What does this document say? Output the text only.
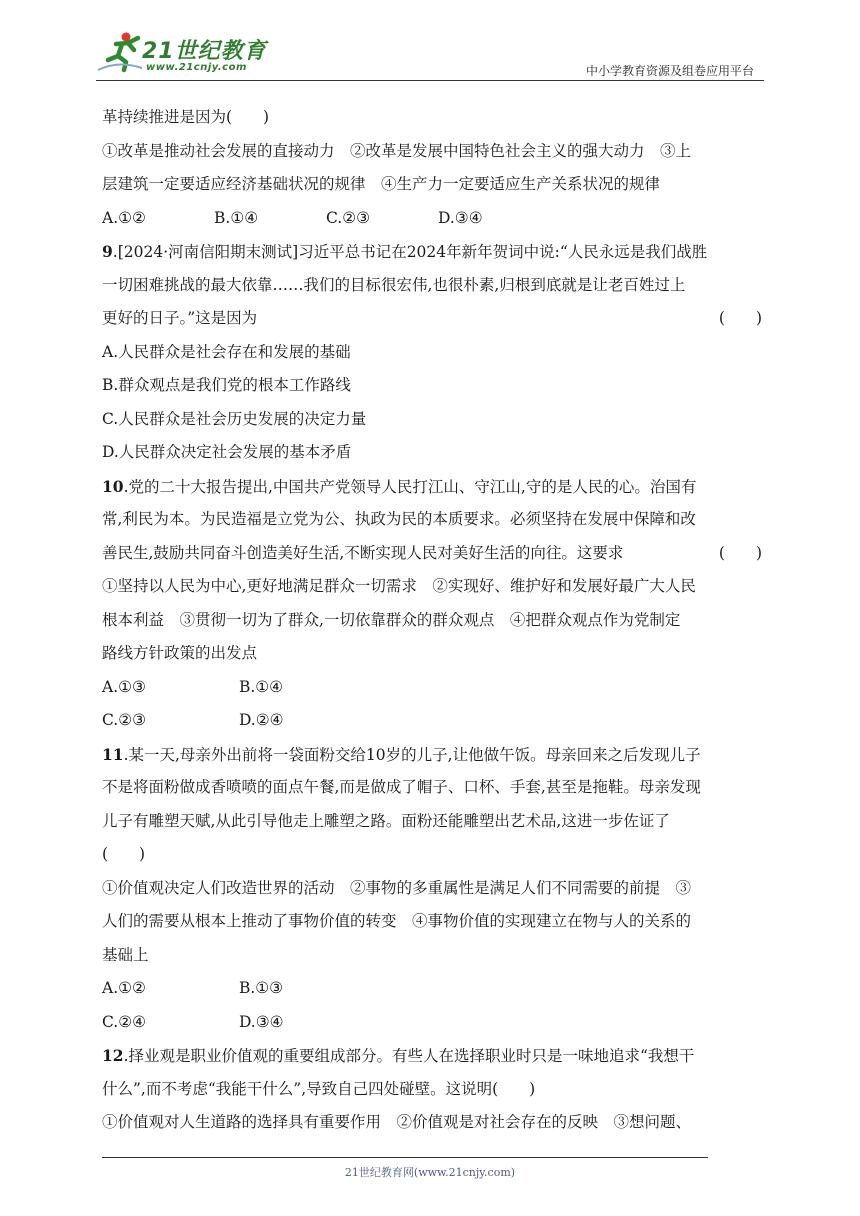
21世纪教育
www.21cnjy.com	中小学教育资源及组卷应用平台
革持续推进是因为(　　)
①改革是推动社会发展的直接动力　②改革是发展中国特色社会主义的强大动力　③上
层建筑一定要适应经济基础状况的规律　④生产力一定要适应生产关系状况的规律
A.①②	B.①④	C.②③	D.③④
9.[2024·河南信阳期末测试]习近平总书记在2024年新年贺词中说:“人民永远是我们战胜
一切困难挑战的最大依靠……我们的目标很宏伟,也很朴素,归根到底就是让老百姓过上
更好的日子。”这是因为	(　　)
A.人民群众是社会存在和发展的基础
B.群众观点是我们党的根本工作路线
C.人民群众是社会历史发展的决定力量
D.人民群众决定社会发展的基本矛盾
10.党的二十大报告提出,中国共产党领导人民打江山、守江山,守的是人民的心。治国有
常,利民为本。为民造福是立党为公、执政为民的本质要求。必须坚持在发展中保障和改
善民生,鼓励共同奋斗创造美好生活,不断实现人民对美好生活的向往。这要求	(　　)
①坚持以人民为中心,更好地满足群众一切需求　②实现好、维护好和发展好最广大人民
根本利益　③贯彻一切为了群众,一切依靠群众的群众观点　④把群众观点作为党制定
路线方针政策的出发点
A.①③	B.①④
C.②③	D.②④
11.某一天,母亲外出前将一袋面粉交给10岁的儿子,让他做午饭。母亲回来之后发现儿子
不是将面粉做成香喷喷的面点午餐,而是做成了帽子、口杯、手套,甚至是拖鞋。母亲发现
儿子有雕塑天赋,从此引导他走上雕塑之路。面粉还能雕塑出艺术品,这进一步佐证了
(　　)
①价值观决定人们改造世界的活动　②事物的多重属性是满足人们不同需要的前提　③
人们的需要从根本上推动了事物价值的转变　④事物价值的实现建立在物与人的关系的
基础上
A.①②	B.①③
C.②④	D.③④
12.择业观是职业价值观的重要组成部分。有些人在选择职业时只是一味地追求“我想干
什么”,而不考虑“我能干什么”,导致自己四处碰壁。这说明(　　)
①价值观对人生道路的选择具有重要作用　②价值观是对社会存在的反映　③想问题、
21世纪教育网(www.21cnjy.com)
